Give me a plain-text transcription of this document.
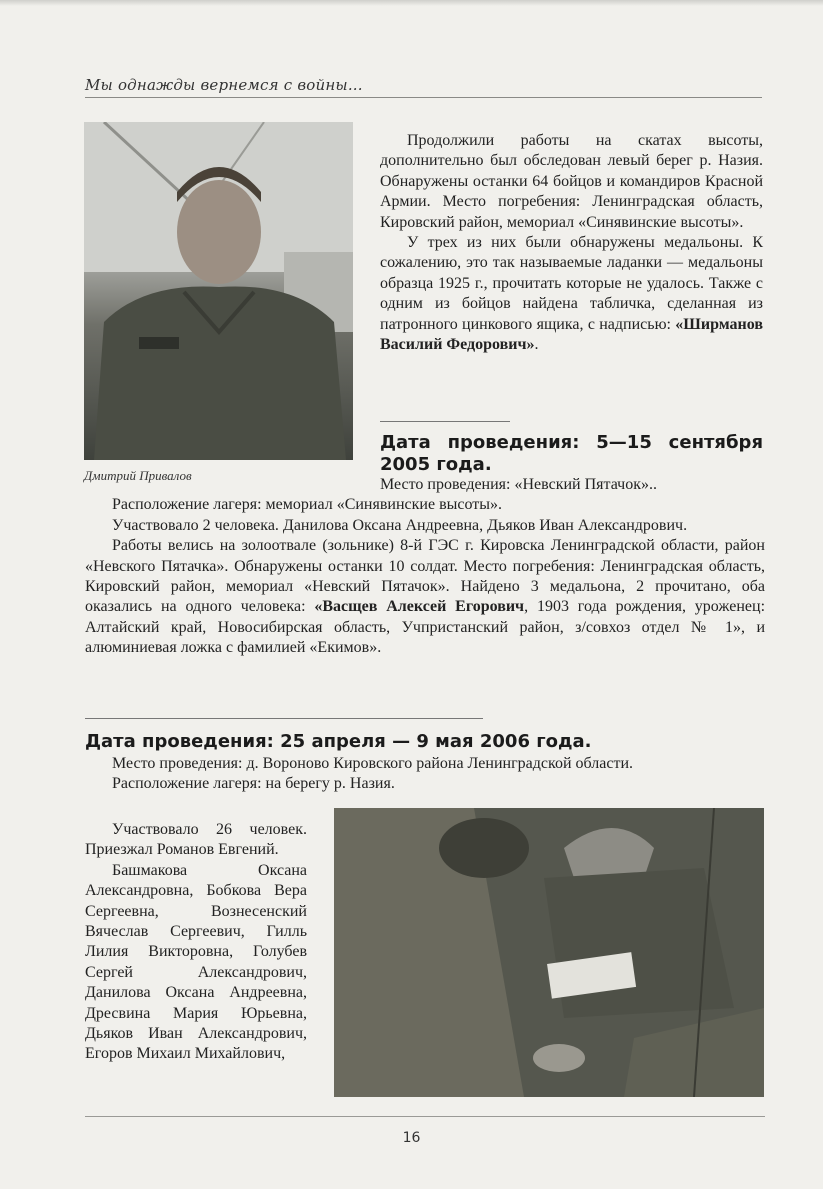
Мы однажды вернемся с войны...
Дмитрий Привалов

Продолжили работы на скатах высоты, дополнительно был обследован левый берег р. Назия. Обнаружены останки 64 бойцов и командиров Красной Армии. Место погребения: Ленинградская область, Кировский район, мемориал «Синявинские высоты».

У трех из них были обнаружены медальоны. К сожалению, это так называемые ладанки — медальоны образца 1925 г., прочитать которые не удалось. Также с одним из бойцов найдена табличка, сделанная из патронного цинкового ящика, с надписью: «Ширманов Василий Федорович».

Дата проведения: 5—15 сентября 2005 года.

Место проведения: «Невский Пятачок»..

Расположение лагеря: мемориал «Синявинские высоты».

Участвовало 2 человека. Данилова Оксана Андреевна, Дьяков Иван Александрович.

Работы велись на золоотвале (зольнике) 8-й ГЭС г. Кировска Ленинградской области, район «Невского Пятачка». Обнаружены останки 10 солдат. Место погребения: Ленинградская область, Кировский район, мемориал «Невский Пятачок». Найдено 3 медальона, 2 прочитано, оба оказались на одного человека: «Васщев Алексей Егорович, 1903 года рождения, уроженец: Алтайский край, Новосибирская область, Учпристанский район, з/совхоз отдел № 1», и алюминиевая ложка с фамилией «Екимов».

Дата проведения: 25 апреля — 9 мая 2006 года.

Место проведения: д. Вороново Кировского района Ленинградской области.

Расположение лагеря: на берегу р. Назия.

Участвовало 26 человек. Приезжал Романов Евгений.

Башмакова Оксана Александровна, Бобкова Вера Сергеевна, Вознесенский Вячеслав Сергеевич, Гилль Лилия Викторовна, Голубев Сергей Александрович, Данилова Оксана Андреевна, Дресвина Мария Юрьевна, Дьяков Иван Александрович, Егоров Михаил Михайлович,

16
